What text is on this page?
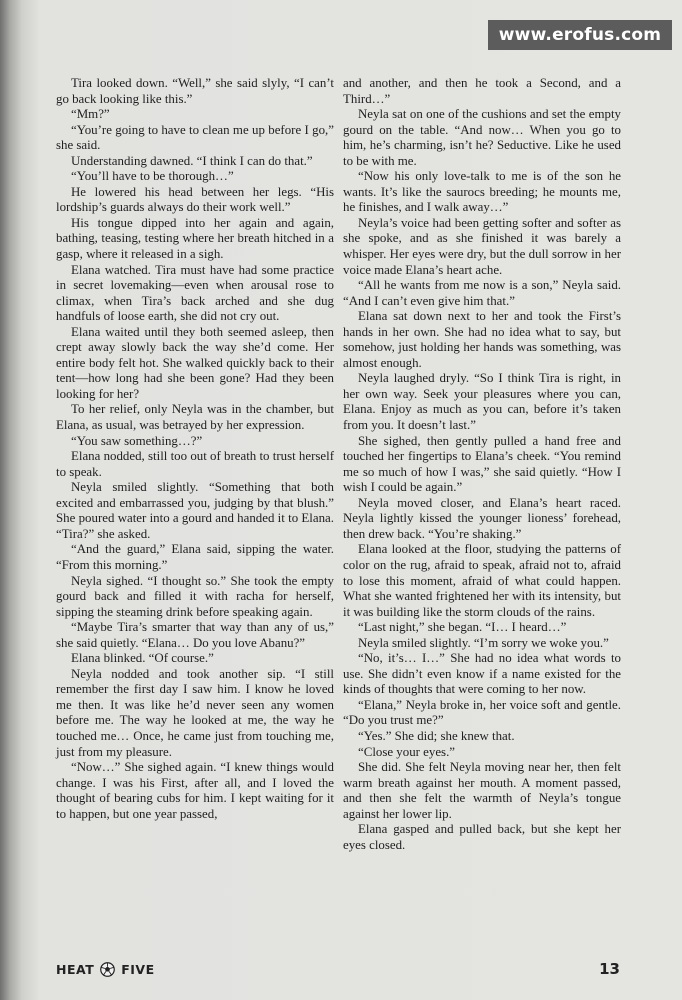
www.erofus.com

Tira looked down. “Well,” she said slyly, “I can’t go back looking like this.”

“Mm?”

“You’re going to have to clean me up before I go,” she said.

Understanding dawned. “I think I can do that.”

“You’ll have to be thorough…”

He lowered his head between her legs. “His lordship’s guards always do their work well.”

His tongue dipped into her again and again, bathing, teasing, testing where her breath hitched in a gasp, where it released in a sigh.

Elana watched. Tira must have had some practice in secret lovemaking—even when arousal rose to climax, when Tira’s back arched and she dug handfuls of loose earth, she did not cry out.

Elana waited until they both seemed asleep, then crept away slowly back the way she’d come. Her entire body felt hot. She walked quickly back to their tent—how long had she been gone? Had they been looking for her?

To her relief, only Neyla was in the chamber, but Elana, as usual, was betrayed by her expression.

“You saw something…?”

Elana nodded, still too out of breath to trust herself to speak.

Neyla smiled slightly. “Something that both excited and embarrassed you, judging by that blush.” She poured water into a gourd and handed it to Elana. “Tira?” she asked.

“And the guard,” Elana said, sipping the water. “From this morning.”

Neyla sighed. “I thought so.” She took the empty gourd back and filled it with racha for herself, sipping the steaming drink before speaking again.

“Maybe Tira’s smarter that way than any of us,” she said quietly. “Elana… Do you love Abanu?”

Elana blinked. “Of course.”

Neyla nodded and took another sip. “I still remember the first day I saw him. I know he loved me then. It was like he’d never seen any women before me. The way he looked at me, the way he touched me… Once, he came just from touching me, just from my pleasure.

“Now…” She sighed again. “I knew things would change. I was his First, after all, and I loved the thought of bearing cubs for him. I kept waiting for it to happen, but one year passed,

and another, and then he took a Second, and a Third…”

Neyla sat on one of the cushions and set the empty gourd on the table. “And now… When you go to him, he’s charming, isn’t he? Seductive. Like he used to be with me.

“Now his only love-talk to me is of the son he wants. It’s like the saurocs breeding; he mounts me, he finishes, and I walk away…”

Neyla’s voice had been getting softer and softer as she spoke, and as she finished it was barely a whisper. Her eyes were dry, but the dull sorrow in her voice made Elana’s heart ache.

“All he wants from me now is a son,” Neyla said. “And I can’t even give him that.”

Elana sat down next to her and took the First’s hands in her own. She had no idea what to say, but somehow, just holding her hands was something, was almost enough.

Neyla laughed dryly. “So I think Tira is right, in her own way. Seek your pleasures where you can, Elana. Enjoy as much as you can, before it’s taken from you. It doesn’t last.”

She sighed, then gently pulled a hand free and touched her fingertips to Elana’s cheek. “You remind me so much of how I was,” she said quietly. “How I wish I could be again.”

Neyla moved closer, and Elana’s heart raced. Neyla lightly kissed the younger lioness’ forehead, then drew back. “You’re shaking.”

Elana looked at the floor, studying the patterns of color on the rug, afraid to speak, afraid not to, afraid to lose this moment, afraid of what could happen. What she wanted frightened her with its intensity, but it was building like the storm clouds of the rains.

“Last night,” she began. “I… I heard…”

Neyla smiled slightly. “I’m sorry we woke you.”

“No, it’s… I…” She had no idea what words to use. She didn’t even know if a name existed for the kinds of thoughts that were coming to her now.

“Elana,” Neyla broke in, her voice soft and gentle. “Do you trust me?”

“Yes.” She did; she knew that.

“Close your eyes.”

She did. She felt Neyla moving near her, then felt warm breath against her mouth. A moment passed, and then she felt the warmth of Neyla’s tongue against her lower lip.

Elana gasped and pulled back, but she kept her eyes closed.

HEAT FIVE	13
